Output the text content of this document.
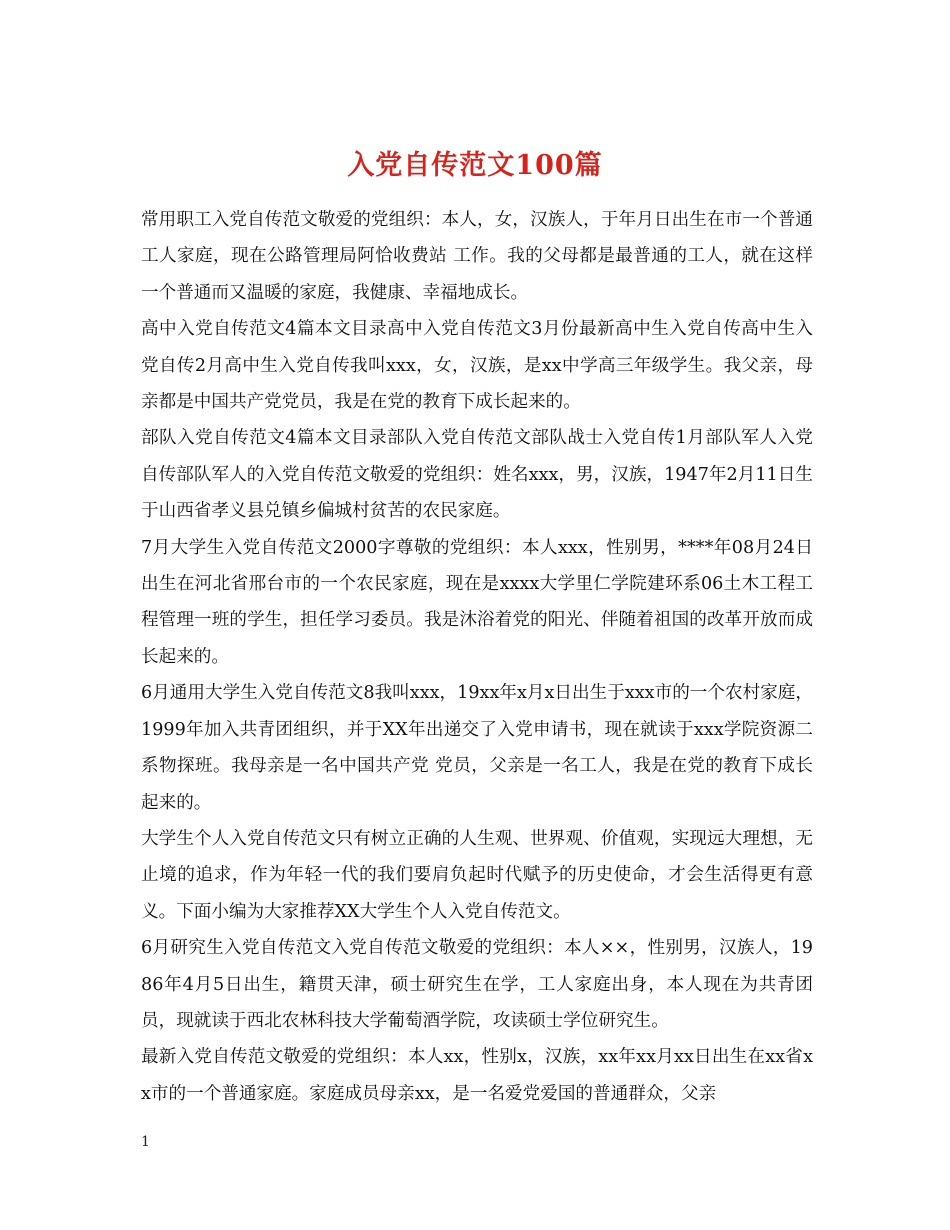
入党自传范文100篇

常用职工入党自传范文敬爱的党组织：本人，女，汉族人，于年月日出生在市一个普通工人家庭，现在公路管理局阿恰收费站 工作。我的父母都是最普通的工人，就在这样一个普通而又温暖的家庭，我健康、幸福地成长。

高中入党自传范文4篇本文目录高中入党自传范文3月份最新高中生入党自传高中生入党自传2月高中生入党自传我叫xxx，女，汉族，是xx中学高三年级学生。我父亲，母亲都是中国共产党党员，我是在党的教育下成长起来的。

部队入党自传范文4篇本文目录部队入党自传范文部队战士入党自传1月部队军人入党自传部队军人的入党自传范文敬爱的党组织：姓名xxx，男，汉族，1947年2月11日生于山西省孝义县兑镇乡偏城村贫苦的农民家庭。

7月大学生入党自传范文2000字尊敬的党组织：本人xxx，性别男，****年08月24日出生在河北省邢台市的一个农民家庭，现在是xxxx大学里仁学院建环系06土木工程工程管理一班的学生，担任学习委员。我是沐浴着党的阳光、伴随着祖国的改革开放而成长起来的。

6月通用大学生入党自传范文8我叫xxx，19xx年x月x日出生于xxx市的一个农村家庭，1999年加入共青团组织，并于XX年出递交了入党申请书，现在就读于xxx学院资源二系物探班。我母亲是一名中国共产党 党员，父亲是一名工人，我是在党的教育下成长起来的。

大学生个人入党自传范文只有树立正确的人生观、世界观、价值观，实现远大理想，无止境的追求，作为年轻一代的我们要肩负起时代赋予的历史使命，才会生活得更有意义。下面小编为大家推荐XX大学生个人入党自传范文。

6月研究生入党自传范文入党自传范文敬爱的党组织：本人××，性别男，汉族人，1986年4月5日出生，籍贯天津，硕士研究生在学，工人家庭出身，本人现在为共青团员，现就读于西北农林科技大学葡萄酒学院，攻读硕士学位研究生。

最新入党自传范文敬爱的党组织：本人xx，性别x，汉族，xx年xx月xx日出生在xx省xx市的一个普通家庭。家庭成员母亲xx，是一名爱党爱国的普通群众，父亲

1
